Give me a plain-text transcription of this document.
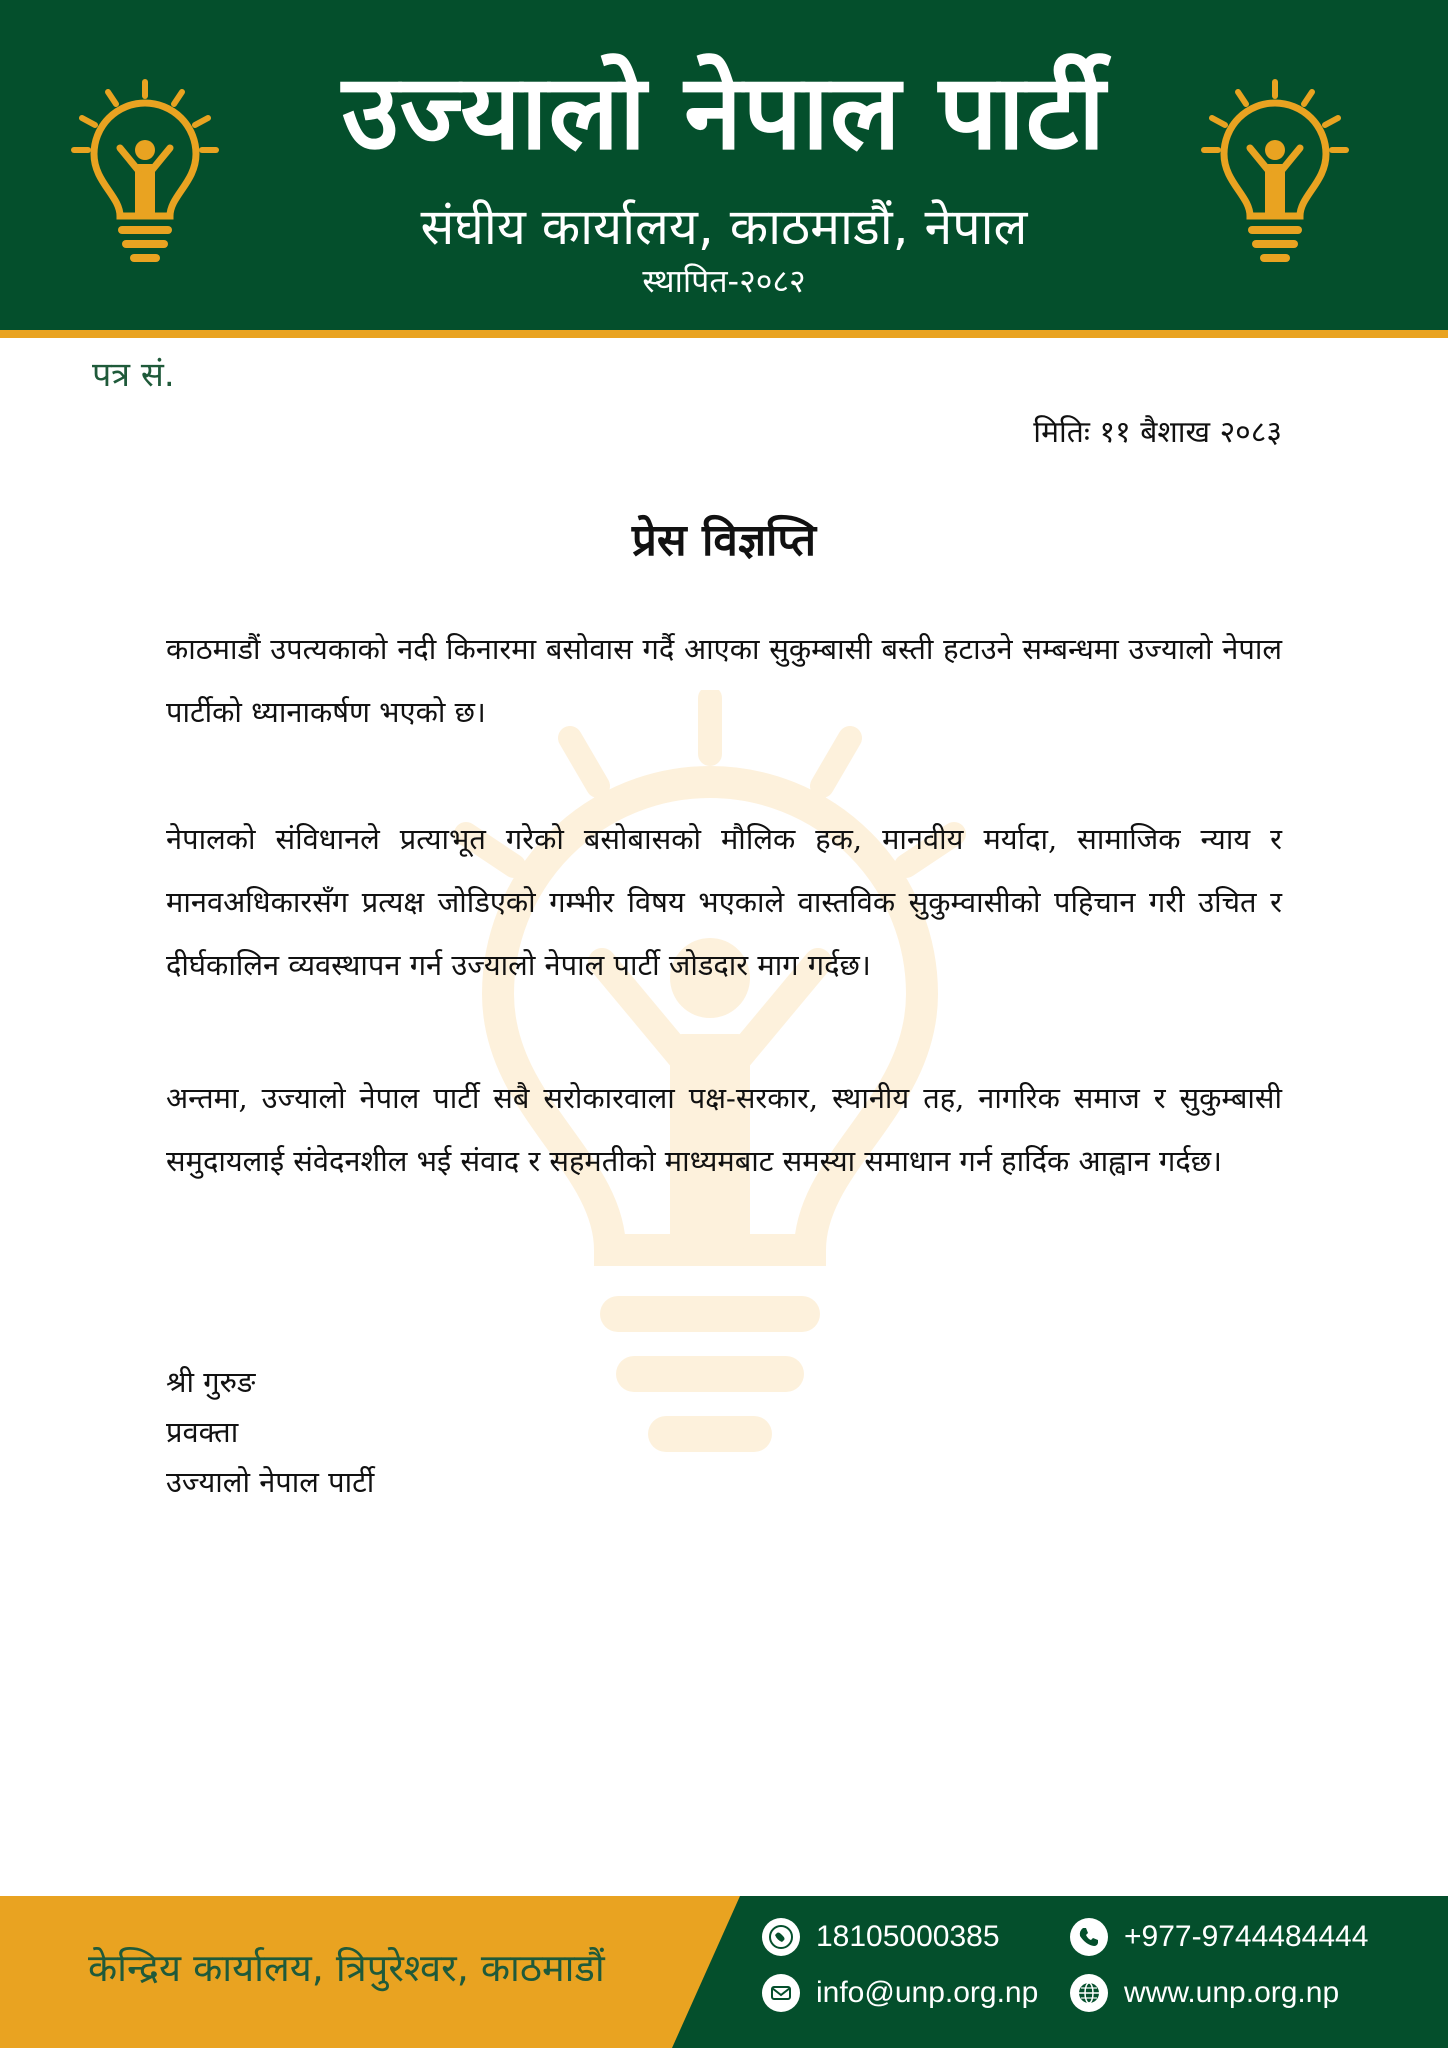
उज्यालो नेपाल पार्टी
संघीय कार्यालय, काठमाडौं, नेपाल
स्थापित-२०८२
पत्र सं.
मितिः ११ बैशाख २०८३
प्रेस विज्ञप्ति
काठमाडौं उपत्यकाको नदी किनारमा बसोवास गर्दै आएका सुकुम्बासी बस्ती हटाउने सम्बन्धमा उज्यालो नेपाल पार्टीको ध्यानाकर्षण भएको छ।
नेपालको संविधानले प्रत्याभूत गरेको बसोबासको मौलिक हक, मानवीय मर्यादा, सामाजिक न्याय र मानवअधिकारसँग प्रत्यक्ष जोडिएको गम्भीर विषय भएकाले वास्तविक सुकुम्वासीको पहिचान गरी उचित र दीर्घकालिन व्यवस्थापन गर्न उज्यालो नेपाल पार्टी जोडदार माग गर्दछ।
अन्तमा, उज्यालो नेपाल पार्टी सबै सरोकारवाला पक्ष-सरकार, स्थानीय तह, नागरिक समाज र सुकुम्बासी समुदायलाई संवेदनशील भई संवाद र सहमतीको माध्यमबाट समस्या समाधान गर्न हार्दिक आह्वान गर्दछ।
श्री गुरुङ
प्रवक्ता
उज्यालो नेपाल पार्टी
केन्द्रिय कार्यालय, त्रिपुरेश्वर, काठमाडौं
18105000385	+977-9744484444
info@unp.org.np	www.unp.org.np
